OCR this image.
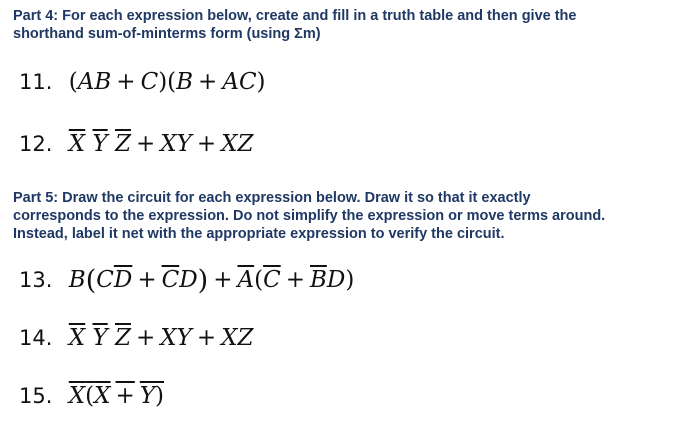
Part 4: For each expression below, create and fill in a truth table and then give the
shorthand sum-of-minterms form (using Σm)
11. (AB + C)(B + AC)
12. $\overline{X}$ $\overline{Y}$ $\overline{Z}$ + XY + XZ
Part 5: Draw the circuit for each expression below. Draw it so that it exactly
corresponds to the expression. Do not simplify the expression or move terms around.
Instead, label it net with the appropriate expression to verify the circuit.
13. $B(C\overline{D} + \overline{C}D) + \overline{A}(\overline{C} + \overline{B}D)$
14. $\overline{X}$ $\overline{Y}$ $\overline{Z}$ + XY + XZ
15. X(X + Y)
